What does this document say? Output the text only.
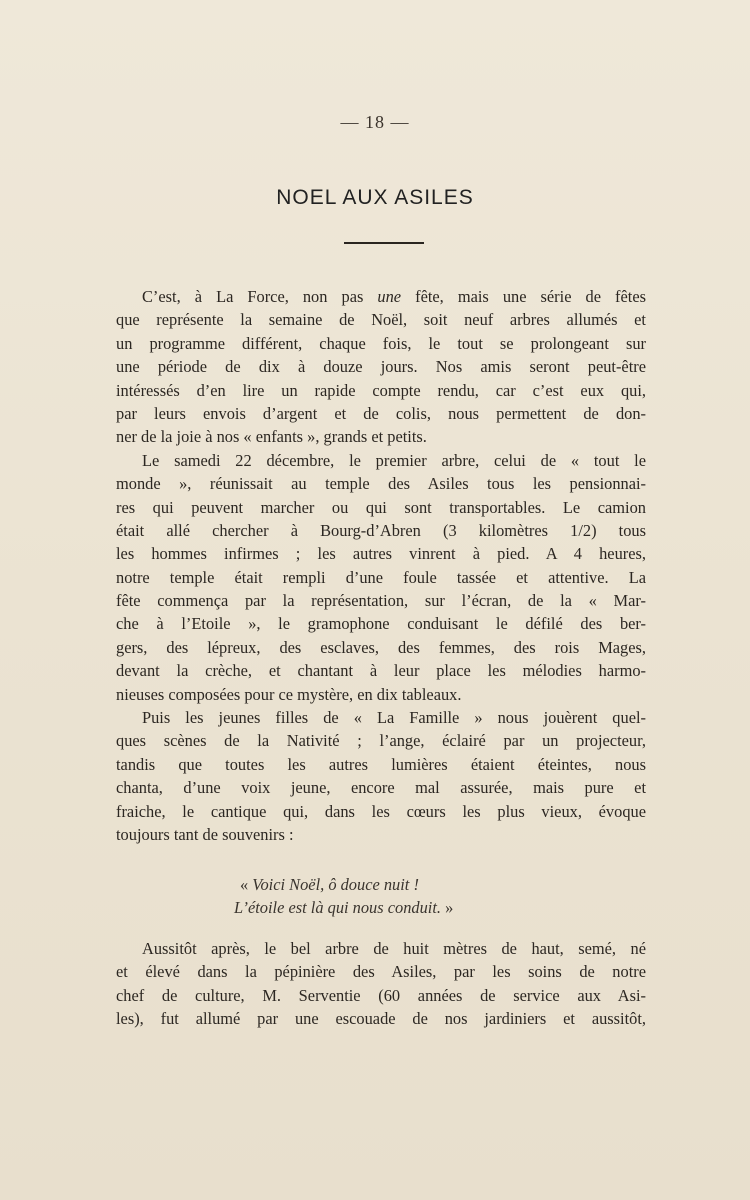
— 18 —
NOEL AUX ASILES
C’est, à La Force, non pas une fête, mais une série de fêtes
que représente la semaine de Noël, soit neuf arbres allumés et
un programme différent, chaque fois, le tout se prolongeant sur
une période de dix à douze jours. Nos amis seront peut-être
intéressés d’en lire un rapide compte rendu, car c’est eux qui,
par leurs envois d’argent et de colis, nous permettent de don-
ner de la joie à nos « enfants », grands et petits.
Le samedi 22 décembre, le premier arbre, celui de « tout le
monde », réunissait au temple des Asiles tous les pensionnai-
res qui peuvent marcher ou qui sont transportables. Le camion
était allé chercher à Bourg-d’Abren (3 kilomètres 1/2) tous
les hommes infirmes ; les autres vinrent à pied. A 4 heures,
notre temple était rempli d’une foule tassée et attentive. La
fête commença par la représentation, sur l’écran, de la « Mar-
che à l’Etoile », le gramophone conduisant le défilé des ber-
gers, des lépreux, des esclaves, des femmes, des rois Mages,
devant la crèche, et chantant à leur place les mélodies harmo-
nieuses composées pour ce mystère, en dix tableaux.
Puis les jeunes filles de « La Famille » nous jouèrent quel-
ques scènes de la Nativité ; l’ange, éclairé par un projecteur,
tandis que toutes les autres lumières étaient éteintes, nous
chanta, d’une voix jeune, encore mal assurée, mais pure et
fraiche, le cantique qui, dans les cœurs les plus vieux, évoque
toujours tant de souvenirs :
« Voici Noël, ô douce nuit !
L’étoile est là qui nous conduit. »
Aussitôt après, le bel arbre de huit mètres de haut, semé, né
et élevé dans la pépinière des Asiles, par les soins de notre
chef de culture, M. Serventie (60 années de service aux Asi-
les), fut allumé par une escouade de nos jardiniers et aussitôt,
